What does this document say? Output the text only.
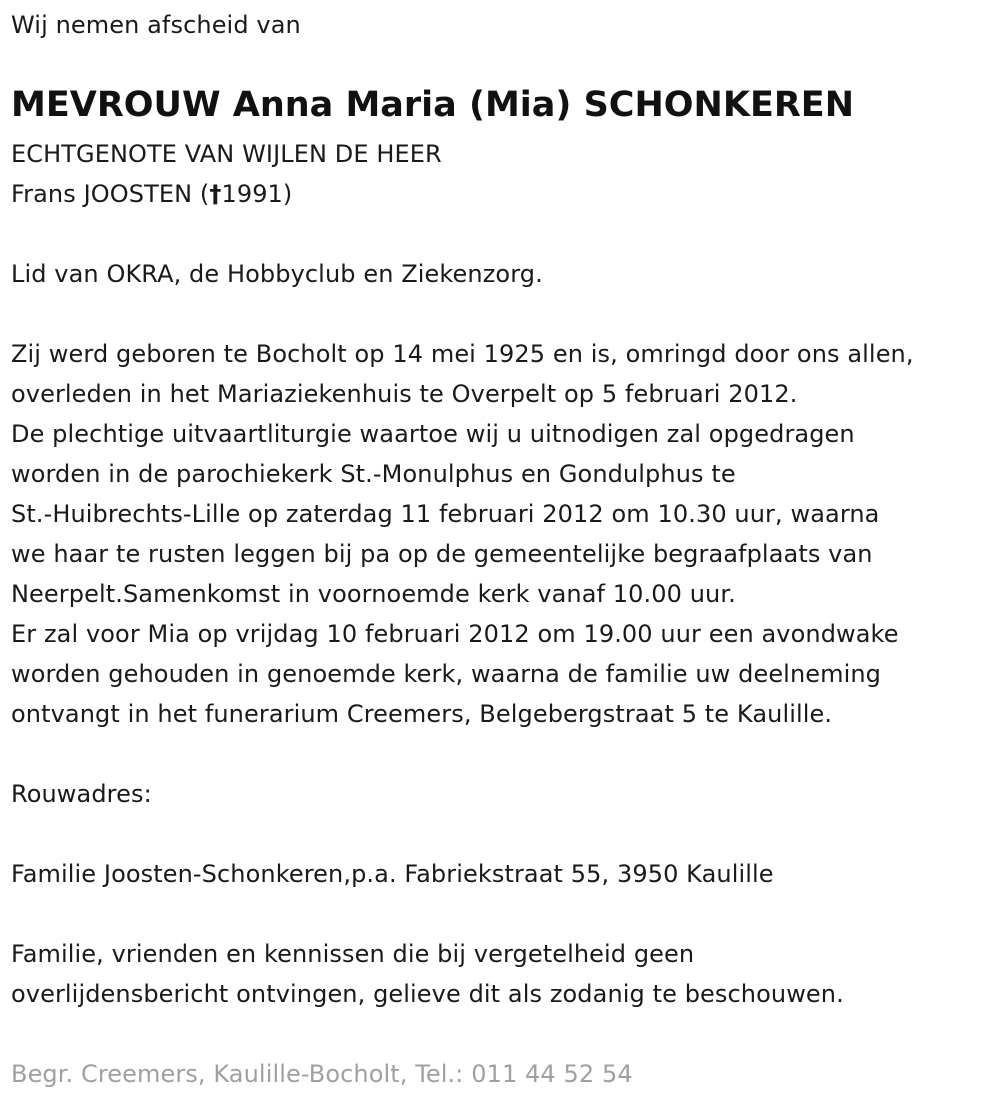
Wij nemen afscheid van
MEVROUW Anna Maria (Mia) SCHONKEREN
ECHTGENOTE VAN WIJLEN DE HEER
Frans JOOSTEN (†1991)
Lid van OKRA, de Hobbyclub en Ziekenzorg.
Zij werd geboren te Bocholt op 14 mei 1925 en is, omringd door ons allen,
overleden in het Mariaziekenhuis te Overpelt op 5 februari 2012.
De plechtige uitvaartliturgie waartoe wij u uitnodigen zal opgedragen
worden in de parochiekerk St.-Monulphus en Gondulphus te
St.-Huibrechts-Lille op zaterdag 11 februari 2012 om 10.30 uur, waarna
we haar te rusten leggen bij pa op de gemeentelijke begraafplaats van
Neerpelt.Samenkomst in voornoemde kerk vanaf 10.00 uur.
Er zal voor Mia op vrijdag 10 februari 2012 om 19.00 uur een avondwake
worden gehouden in genoemde kerk, waarna de familie uw deelneming
ontvangt in het funerarium Creemers, Belgebergstraat 5 te Kaulille.
Rouwadres:
Familie Joosten-Schonkeren,p.a. Fabriekstraat 55, 3950 Kaulille
Familie, vrienden en kennissen die bij vergetelheid geen
overlijdensbericht ontvingen, gelieve dit als zodanig te beschouwen.
Begr. Creemers, Kaulille-Bocholt, Tel.: 011 44 52 54
